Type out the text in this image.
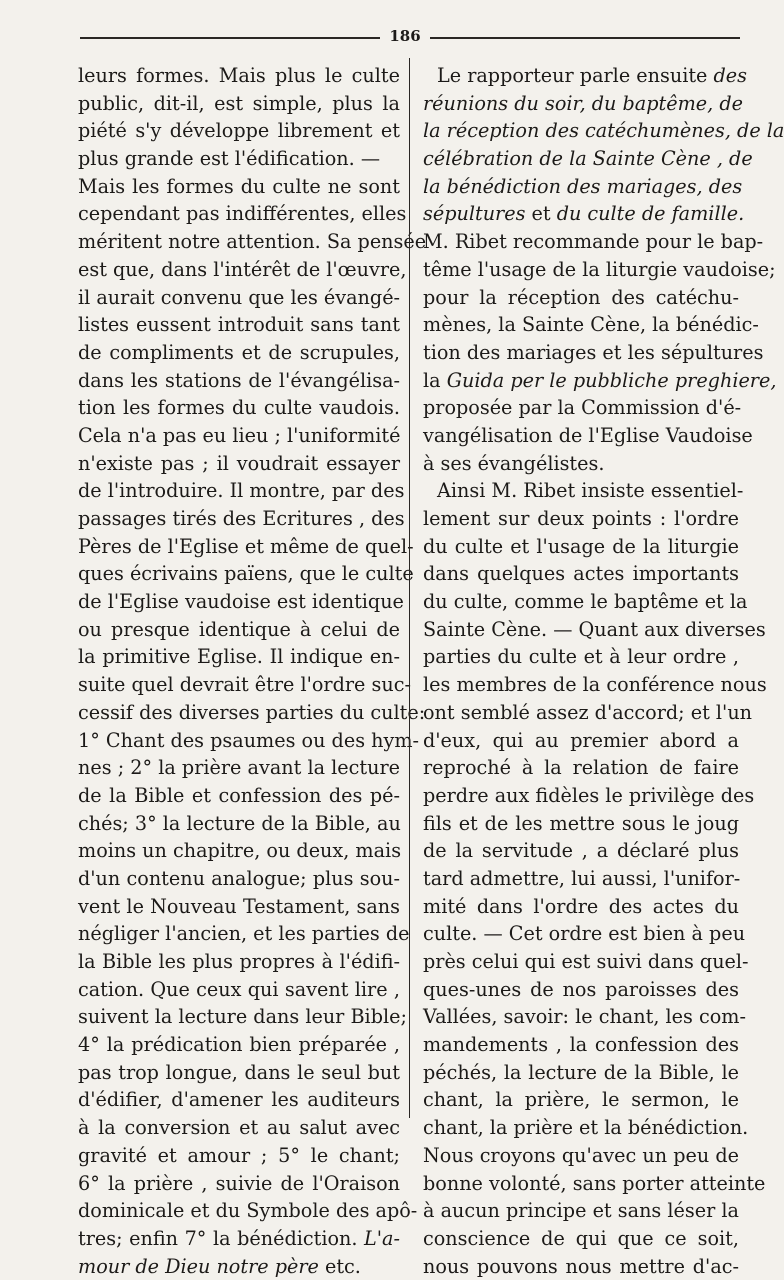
186
leurs formes. Mais plus le culte
public, dit-il, est simple, plus la
piété s'y développe librement et
plus grande est l'édification. —
Mais les formes du culte ne sont
cependant pas indifférentes, elles
méritent notre attention. Sa pensée
est que, dans l'intérêt de l'œuvre,
il aurait convenu que les évangé-
listes eussent introduit sans tant
de compliments et de scrupules,
dans les stations de l'évangélisa-
tion les formes du culte vaudois.
Cela n'a pas eu lieu ; l'uniformité
n'existe pas ; il voudrait essayer
de l'introduire. Il montre, par des
passages tirés des Ecritures , des
Pères de l'Eglise et même de quel-
ques écrivains païens, que le culte
de l'Eglise vaudoise est identique
ou presque identique à celui de
la primitive Eglise. Il indique en-
suite quel devrait être l'ordre suc-
cessif des diverses parties du culte:
1° Chant des psaumes ou des hym-
nes ; 2° la prière avant la lecture
de la Bible et confession des pé-
chés; 3° la lecture de la Bible, au
moins un chapitre, ou deux, mais
d'un contenu analogue; plus sou-
vent le Nouveau Testament, sans
négliger l'ancien, et les parties de
la Bible les plus propres à l'édifi-
cation. Que ceux qui savent lire ,
suivent la lecture dans leur Bible;
4° la prédication bien préparée ,
pas trop longue, dans le seul but
d'édifier, d'amener les auditeurs
à la conversion et au salut avec
gravité et amour ; 5° le chant;
6° la prière , suivie de l'Oraison
dominicale et du Symbole des apô-
tres; enfin 7° la bénédiction. L'a-
mour de Dieu notre père etc.
Le rapporteur parle ensuite des
réunions du soir, du baptême, de
la réception des catéchumènes, de la
célébration de la Sainte Cène , de
la bénédiction des mariages, des
sépultures et du culte de famille.
M. Ribet recommande pour le bap-
tême l'usage de la liturgie vaudoise;
pour la réception des catéchu-
mènes, la Sainte Cène, la bénédic-
tion des mariages et les sépultures
la Guida per le pubbliche preghiere,
proposée par la Commission d'é-
vangélisation de l'Eglise Vaudoise
à ses évangélistes.
Ainsi M. Ribet insiste essentiel-
lement sur deux points : l'ordre
du culte et l'usage de la liturgie
dans quelques actes importants
du culte, comme le baptême et la
Sainte Cène. — Quant aux diverses
parties du culte et à leur ordre ,
les membres de la conférence nous
ont semblé assez d'accord; et l'un
d'eux, qui au premier abord a
reproché à la relation de faire
perdre aux fidèles le privilège des
fils et de les mettre sous le joug
de la servitude , a déclaré plus
tard admettre, lui aussi, l'unifor-
mité dans l'ordre des actes du
culte. — Cet ordre est bien à peu
près celui qui est suivi dans quel-
ques-unes de nos paroisses des
Vallées, savoir: le chant, les com-
mandements , la confession des
péchés, la lecture de la Bible, le
chant, la prière, le sermon, le
chant, la prière et la bénédiction.
Nous croyons qu'avec un peu de
bonne volonté, sans porter atteinte
à aucun principe et sans léser la
conscience de qui que ce soit,
nous pouvons nous mettre d'ac-
